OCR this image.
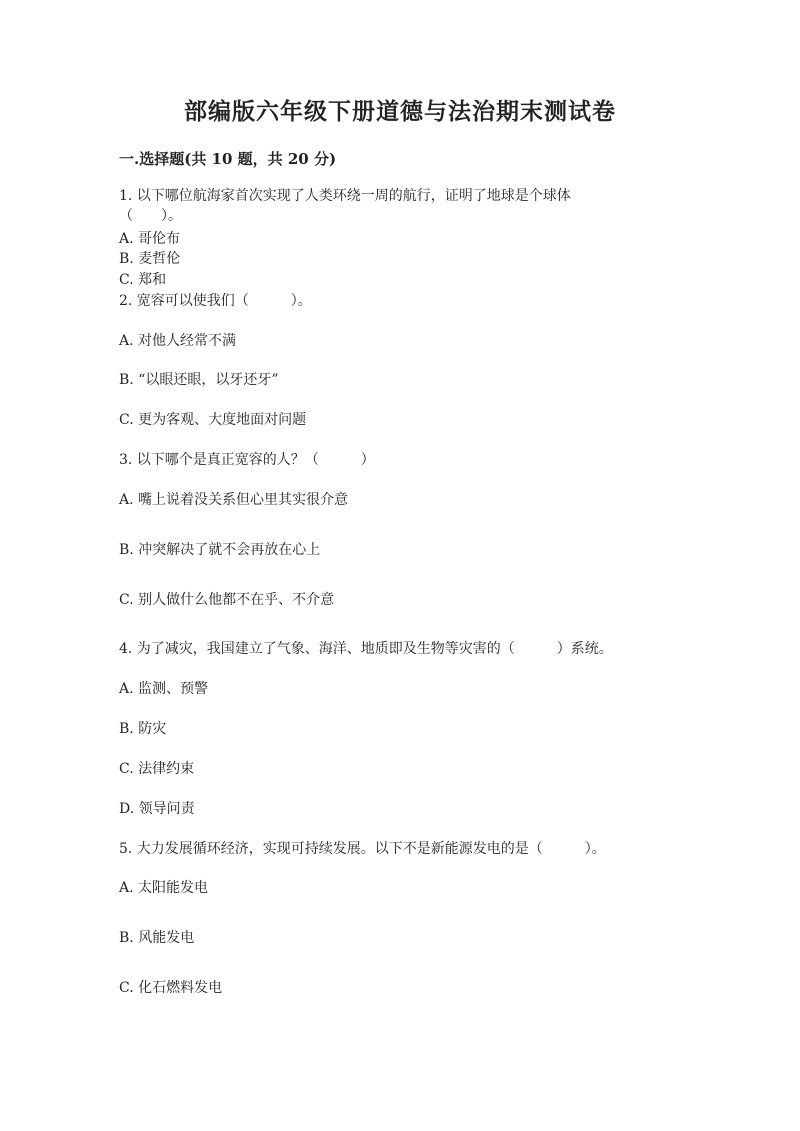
部编版六年级下册道德与法治期末测试卷
一.选择题(共 10 题，共 20 分)
1. 以下哪位航海家首次实现了人类环绕一周的航行，证明了地球是个球体
（　　）。
A. 哥伦布
B. 麦哲伦
C. 郑和
2. 宽容可以使我们（　　　）。
A. 对他人经常不满
B. “以眼还眼，以牙还牙”
C. 更为客观、大度地面对问题
3. 以下哪个是真正宽容的人？（　　　）
A. 嘴上说着没关系但心里其实很介意
B. 冲突解决了就不会再放在心上
C. 别人做什么他都不在乎、不介意
4. 为了减灾，我国建立了气象、海洋、地质即及生物等灾害的（　　　）系统。
A. 监测、预警
B. 防灾
C. 法律约束
D. 领导问责
5. 大力发展循环经济，实现可持续发展。以下不是新能源发电的是（　　　）。
A. 太阳能发电
B. 风能发电
C. 化石燃料发电
